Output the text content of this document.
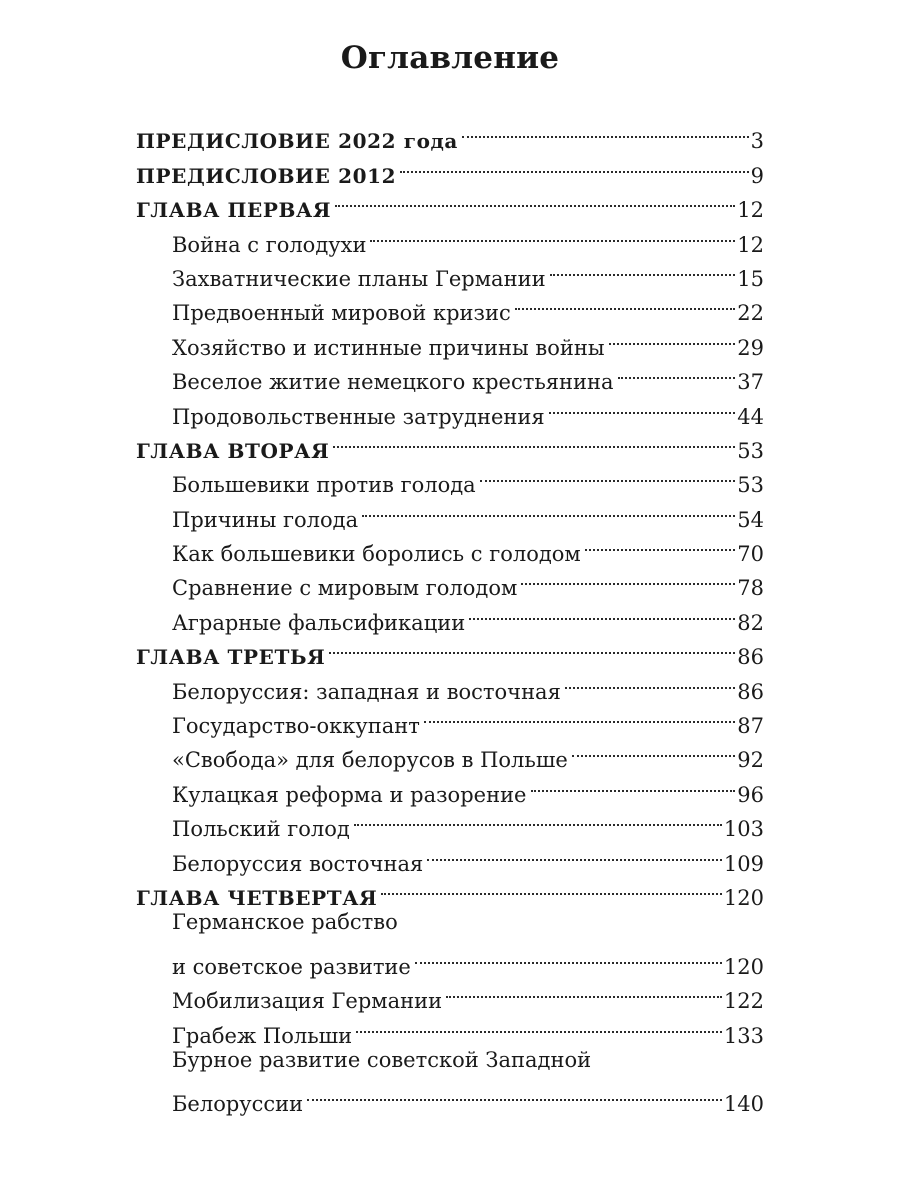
Оглавление
ПРЕДИСЛОВИЕ 2022 года	3
ПРЕДИСЛОВИЕ 2012	9
ГЛАВА ПЕРВАЯ	12
Война с голодухи	12
Захватнические планы Германии	15
Предвоенный мировой кризис	22
Хозяйство и истинные причины войны	29
Веселое житие немецкого крестьянина	37
Продовольственные затруднения	44
ГЛАВА ВТОРАЯ	53
Большевики против голода	53
Причины голода	54
Как большевики боролись с голодом	70
Сравнение с мировым голодом	78
Аграрные фальсификации	82
ГЛАВА ТРЕТЬЯ	86
Белоруссия: западная и восточная	86
Государство-оккупант	87
«Свобода» для белорусов в Польше	92
Кулацкая реформа и разорение	96
Польский голод	103
Белоруссия восточная	109
ГЛАВА ЧЕТВЕРТАЯ	120
Германское рабство
и советское развитие	120
Мобилизация Германии	122
Грабеж Польши	133
Бурное развитие советской Западной
Белоруссии	140
